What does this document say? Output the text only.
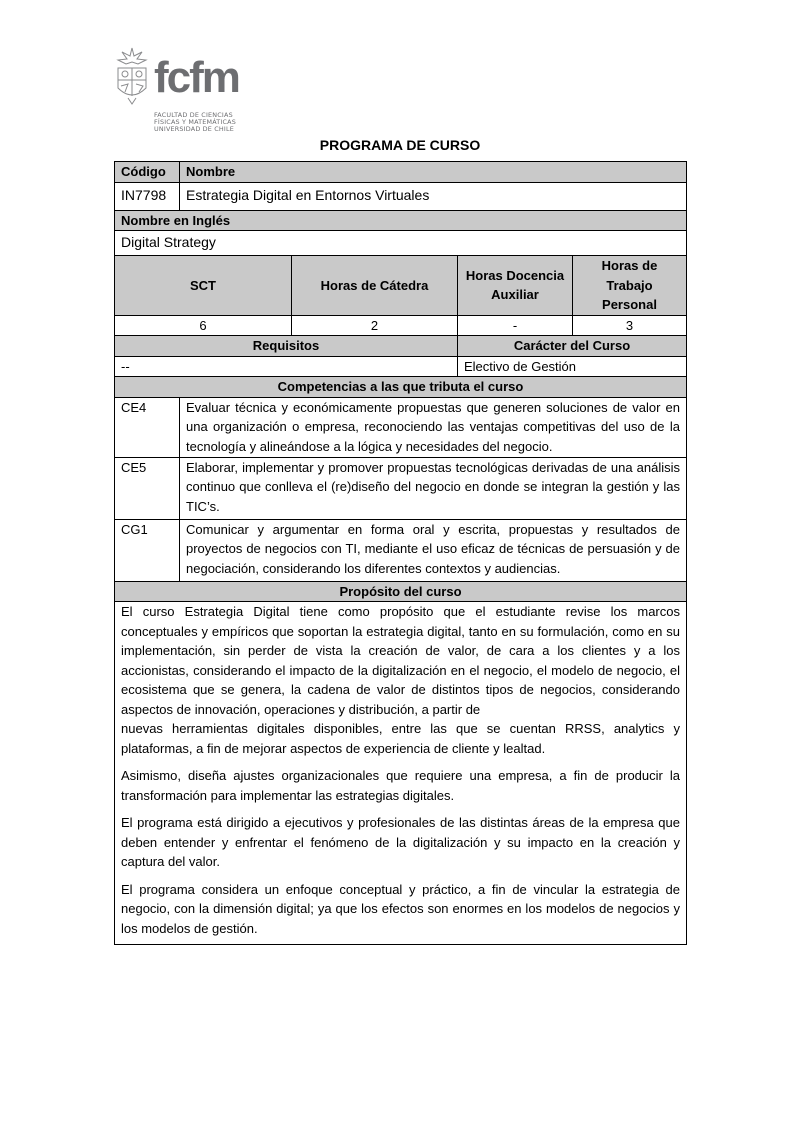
fcfm
FACULTAD DE CIENCIAS
FÍSICAS Y MATEMÁTICAS
UNIVERSIDAD DE CHILE
PROGRAMA DE CURSO
Código	Nombre			
IN7798	Estrategia Digital en Entornos Virtuales			
Nombre en Inglés				
Digital Strategy				
SCT		Horas de Cátedra	Horas Docencia Auxiliar	Horas de Trabajo Personal
6		2	-	3
Requisitos			Carácter del Curso	
--			Electivo de Gestión	
Competencias a las que tributa el curso				
CE4	Evaluar técnica y económicamente propuestas que generen soluciones de valor en una organización o empresa, reconociendo las ventajas competitivas del uso de la tecnología y alineándose a la lógica y necesidades del negocio.			
CE5	Elaborar, implementar y promover propuestas tecnológicas derivadas de una análisis continuo que conlleva el (re)diseño del negocio en donde se integran la gestión y las TIC’s.			
CG1	Comunicar y argumentar en forma oral y escrita, propuestas y resultados de proyectos de negocios con TI, mediante el uso eficaz de técnicas de persuasión y de negociación, considerando los diferentes contextos y audiencias.			
Propósito del curso				

El curso Estrategia Digital tiene como propósito que el estudiante revise los marcos conceptuales y empíricos que soportan la estrategia digital, tanto en su formulación, como en su implementación, sin perder de vista la creación de valor, de cara a los clientes y a los accionistas, considerando el impacto de la digitalización en el negocio, el modelo de negocio, el ecosistema que se genera, la cadena de valor de distintos tipos de negocios, considerando aspectos de innovación, operaciones y distribución, a partir de
nuevas herramientas digitales disponibles, entre las que se cuentan RRSS, analytics y plataformas, a fin de mejorar aspectos de experiencia de cliente y lealtad.
Asimismo, diseña ajustes organizacionales que requiere una empresa, a fin de producir la transformación para implementar las estrategias digitales.
El programa está dirigido a ejecutivos y profesionales de las distintas áreas de la empresa que deben entender y enfrentar el fenómeno de la digitalización y su impacto en la creación y captura del valor.
El programa considera un enfoque conceptual y práctico, a fin de vincular la estrategia de negocio, con la dimensión digital; ya que los efectos son enormes en los modelos de negocios y los modelos de gestión.				
